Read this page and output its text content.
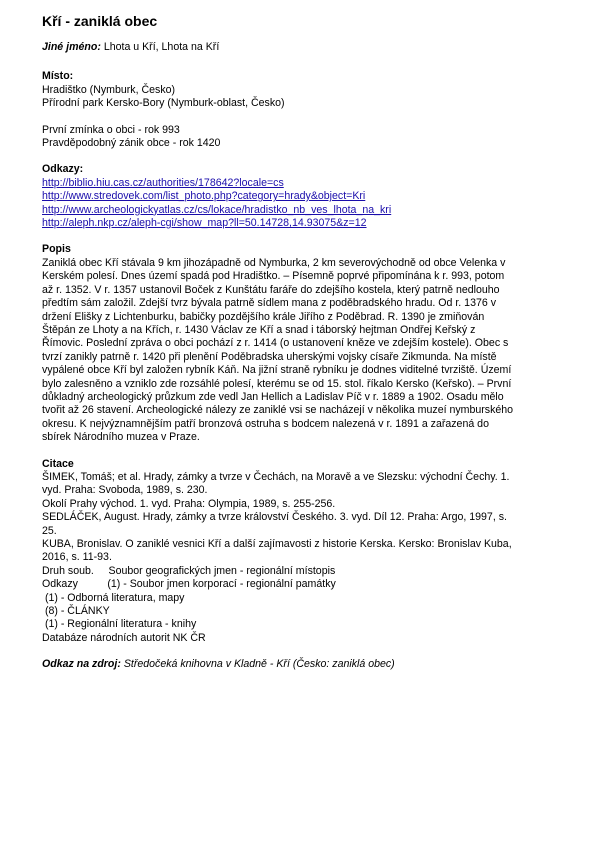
Kří - zaniklá obec
Jiné jméno: Lhota u Kří, Lhota na Kří
Místo:
Hradištko (Nymburk, Česko)
Přírodní park Kersko-Bory (Nymburk-oblast, Česko)
První zmínka o obci - rok 993
Pravděpodobný zánik obce - rok 1420
Odkazy:
http://biblio.hiu.cas.cz/authorities/178642?locale=cs
http://www.stredovek.com/list_photo.php?category=hrady&object=Kri
http://www.archeologickyatlas.cz/cs/lokace/hradistko_nb_ves_lhota_na_kri
http://aleph.nkp.cz/aleph-cgi/show_map?ll=50.14728,14.93075&z=12
Popis
Zaniklá obec Kří stávala 9 km jihozápadně od Nymburka, 2 km severovýchodně od obce Velenka v
Kerském polesí. Dnes území spadá pod Hradištko. – Písemně poprvé připomínána k r. 993, potom
až r. 1352. V r. 1357 ustanovil Boček z Kunštátu faráře do zdejšího kostela, který patrně nedlouho
předtím sám založil. Zdejší tvrz bývala patrně sídlem mana z poděbradského hradu. Od r. 1376 v
držení Elišky z Lichtenburku, babičky pozdějšího krále Jiřího z Poděbrad. R. 1390 je zmiňován
Štěpán ze Lhoty a na Křích, r. 1430 Václav ze Kří a snad i táborský hejtman Ondřej Keřský z
Římovic. Poslední zpráva o obci pochází z r. 1414 (o ustanovení kněze ve zdejším kostele). Obec s
tvrzí zanikly patrně r. 1420 při plenění Poděbradska uherskými vojsky císaře Zikmunda. Na místě
vypálené obce Kří byl založen rybník Káň. Na jižní straně rybníku je dodnes viditelné tvrziště. Území
bylo zalesněno a vzniklo zde rozsáhlé polesí, kterému se od 15. stol. říkalo Kersko (Keřsko). – První
důkladný archeologický průzkum zde vedl Jan Hellich a Ladislav Píč v r. 1889 a 1902. Osadu mělo
tvořit až 26 stavení. Archeologické nálezy ze zaniklé vsi se nacházejí v několika muzeí nymburského
okresu. K nejvýznamnějším patří bronzová ostruha s bodcem nalezená v r. 1891 a zařazená do
sbírek Národního muzea v Praze.
Citace
ŠIMEK, Tomáš; et al. Hrady, zámky a tvrze v Čechách, na Moravě a ve Slezsku: východní Čechy. 1.
vyd. Praha: Svoboda, 1989, s. 230.
Okolí Prahy východ. 1. vyd. Praha: Olympia, 1989, s. 255-256.
SEDLÁČEK, August. Hrady, zámky a tvrze království Českého. 3. vyd. Díl 12. Praha: Argo, 1997, s.
25.
KUBA, Bronislav. O zaniklé vesnici Kří a další zajímavosti z historie Kerska. Kersko: Bronislav Kuba,
2016, s. 11-93.
Druh soub.     Soubor geografických jmen - regionální místopis
Odkazy          (1) - Soubor jmen korporací - regionální památky
(1) - Odborná literatura, mapy
(8) - ČLÁNKY
(1) - Regionální literatura - knihy
Databáze národních autorit NK ČR
Odkaz na zdroj: Středočeká knihovna v Kladně - Kří (Česko: zaniklá obec)
